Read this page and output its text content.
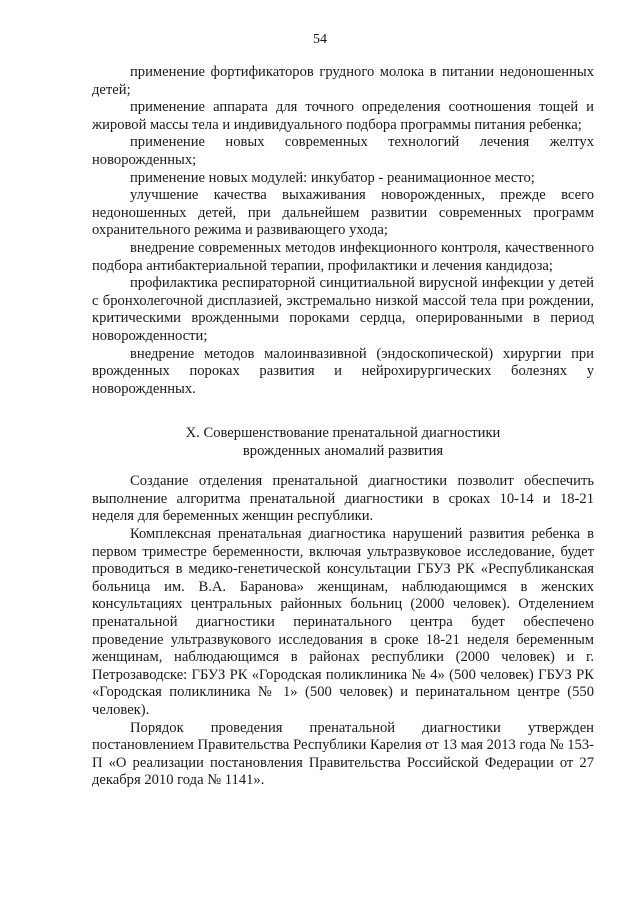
54

применение фортификаторов грудного молока в питании недоношенных детей;

применение аппарата для точного определения соотношения тощей и жировой массы тела и индивидуального подбора программы питания ребенка;

применение новых современных технологий лечения желтух новорожденных;

применение новых модулей: инкубатор - реанимационное место;

улучшение качества выхаживания новорожденных, прежде всего недоношенных детей, при дальнейшем развитии современных программ охранительного режима и развивающего ухода;

внедрение современных методов инфекционного контроля, качественного подбора антибактериальной терапии, профилактики и лечения кандидоза;

профилактика респираторной синцитиальной вирусной инфекции у детей с бронхолегочной дисплазией, экстремально низкой массой тела при рождении, критическими врожденными пороками сердца, оперированными в период новорожденности;

внедрение методов малоинвазивной (эндоскопической) хирургии при врожденных пороках развития и нейрохирургических болезнях у новорожденных.

Х. Совершенствование пренатальной диагностики
врожденных аномалий развития

Создание отделения пренатальной диагностики позволит обеспечить выполнение алгоритма пренатальной диагностики в сроках 10-14 и 18-21 неделя для беременных женщин республики.

Комплексная пренатальная диагностика нарушений развития ребенка в первом триместре беременности, включая ультразвуковое исследование, будет проводиться в медико-генетической консультации ГБУЗ РК «Республиканская больница им. В.А. Баранова» женщинам, наблюдающимся в женских консультациях центральных районных больниц (2000 человек). Отделением пренатальной диагностики перинатального центра будет обеспечено проведение ультразвукового исследования в сроке 18-21 неделя беременным женщинам, наблюдающимся в районах республики (2000 человек) и г. Петрозаводске: ГБУЗ РК «Городская поликлиника № 4» (500 человек) ГБУЗ РК «Городская поликлиника № 1» (500 человек) и перинатальном центре (550 человек).

Порядок проведения пренатальной диагностики утвержден постановлением Правительства Республики Карелия от 13 мая 2013 года № 153-П «О реализации постановления Правительства Российской Федерации от 27 декабря 2010 года № 1141».
